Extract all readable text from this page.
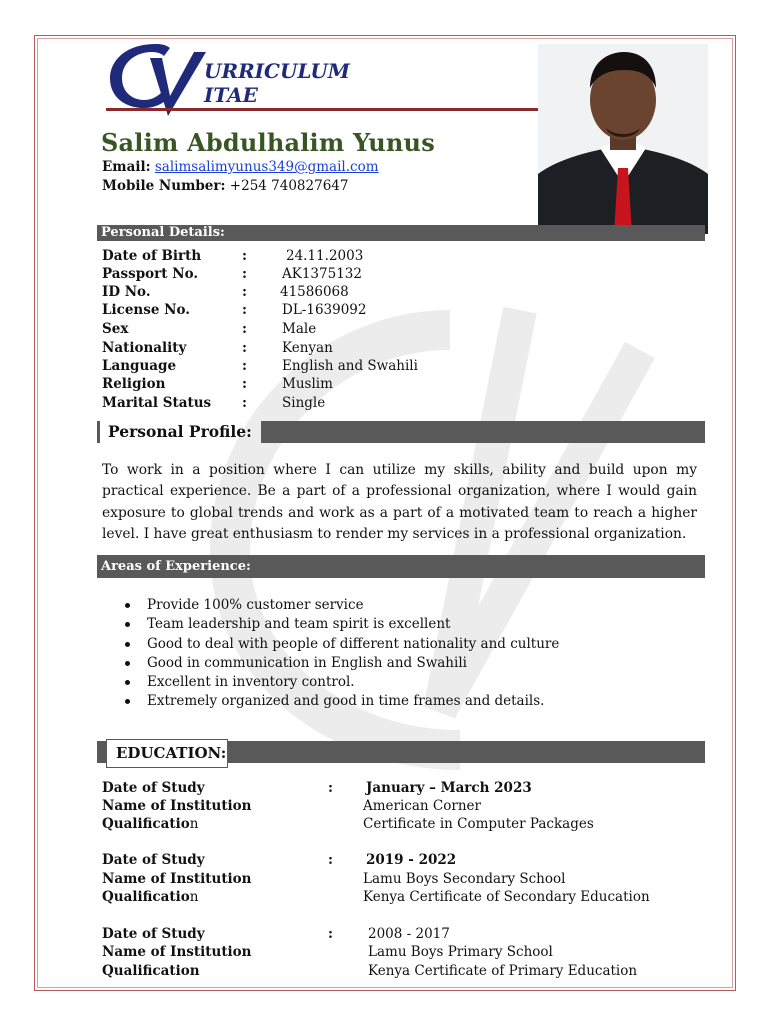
URRICULUM
ITAE
Salim Abdulhalim Yunus
Email: salimsalimyunus349@gmail.com
Mobile Number: +254 740827647
Personal Details:
Date of Birth	:	24.11.2003
Passport No.	:	AK1375132
ID No.	: 41586068
License No.	:	DL-1639092
Sex	:	Male
Nationality	:	Kenyan
Language	:	English and Swahili
Religion	:	Muslim
Marital Status :	Single
Personal Profile:
To work in a position where I can utilize my skills, ability and build upon my practical experience. Be a part of a professional organization, where I would gain exposure to global trends and work as a part of a motivated team to reach a higher level. I have great enthusiasm to render my services in a professional organization.
Areas of Experience:
Provide 100% customer service
Team leadership and team spirit is excellent
Good to deal with people of different nationality and culture
Good in communication in English and Swahili
Excellent in inventory control.
Extremely organized and good in time frames and details.
EDUCATION:
Date of Study	: January – March 2023
Name of Institution	American Corner
Qualification	Certificate in Computer Packages
Date of Study	: 2019 - 2022
Name of Institution	Lamu Boys Secondary School
Qualification	Kenya Certificate of Secondary Education
Date of Study	:	2008 - 2017
Name of Institution	Lamu Boys Primary School
Qualification	Kenya Certificate of Primary Education
